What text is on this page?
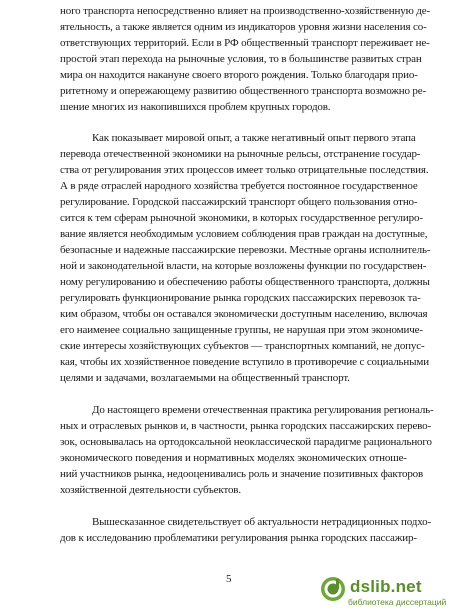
ного транспорта непосредственно влияет на производственно-хозяйственную де-
ятельность, а также является одним из индикаторов уровня жизни населения со-
ответствующих территорий. Если в РФ общественный транспорт переживает не-
простой этап перехода на рыночные условия, то в большинстве развитых стран
мира он находится накануне своего второго рождения. Только благодаря прио-
ритетному и опережающему развитию общественного транспорта возможно ре-
шение многих из накопившихся проблем крупных городов.
Как показывает мировой опыт, а также негативный опыт первого этапа
перевода отечественной экономики на рыночные рельсы, отстранение государ-
ства от регулирования этих процессов имеет только отрицательные последствия.
А в ряде отраслей народного хозяйства требуется постоянное государственное
регулирование. Городской пассажирский транспорт общего пользования отно-
сится к тем сферам рыночной экономики, в которых государственное регулиро-
вание является необходимым условием соблюдения прав граждан на доступные,
безопасные и надежные пассажирские перевозки. Местные органы исполнитель-
ной и законодательной власти, на которые возложены функции по государствен-
ному регулированию и обеспечению работы общественного транспорта, должны
регулировать функционирование рынка городских пассажирских перевозок та-
ким образом, чтобы он оставался экономически доступным населению, включая
его наименее социально защищенные группы, не нарушая при этом экономиче-
ские интересы хозяйствующих субъектов — транспортных компаний, не допус-
кая, чтобы их хозяйственное поведение вступило в противоречие с социальными
целями и задачами, возлагаемыми на общественный транспорт.
До настоящего времени отечественная практика регулирования региональ-
ных и отраслевых рынков и, в частности, рынка городских пассажирских перево-
зок, основывалась на ортодоксальной неоклассической парадигме рационального
экономического поведения и нормативных моделях экономических отноше-
ний участников рынка, недооценивались роль и значение позитивных факторов
хозяйственной деятельности субъектов.
Вышесказанное свидетельствует об актуальности нетрадиционных подхо-
дов к исследованию проблематики регулирования рынка городских пассажир-
5	dslib.net
библиотека диссертаций
